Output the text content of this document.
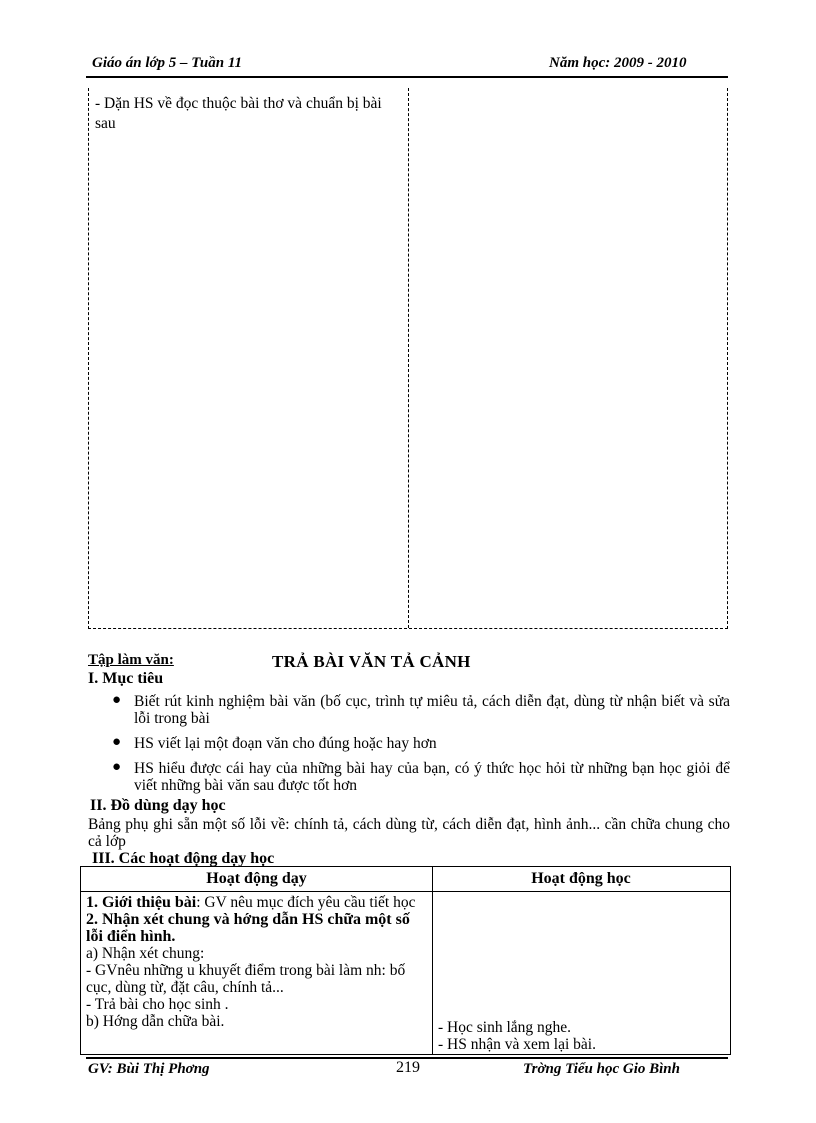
Giáo án lớp 5 – Tuần 11	Năm học: 2009 - 2010
- Dặn HS về đọc thuộc bài thơ và chuẩn bị bài sau
Tập làm văn:	TRẢ BÀI VĂN TẢ CẢNH
I. Mục tiêu
● Biết rút kinh nghiệm bài văn (bố cục, trình tự miêu tả, cách diễn đạt, dùng từ nhận biết và sửa lỗi trong bài
● HS viết lại một đoạn văn cho đúng hoặc hay hơn
● HS hiểu được cái hay của những bài hay của bạn, có ý thức học hỏi từ những bạn học giỏi để viết những bài văn sau được tốt hơn
II. Đồ dùng dạy học
Bảng phụ ghi sẵn một số lỗi về: chính tả, cách dùng từ, cách diễn đạt, hình ảnh... cần chữa chung cho cả lớp
III. Các hoạt động dạy học
Hoạt động dạy	Hoạt động học
1. Giới thiệu bài: GV nêu mục đích yêu cầu tiết học
2. Nhận xét chung và hớng dẫn HS chữa một số lỗi điển hình.
a) Nhận xét chung:
- GVnêu những u khuyết điểm trong bài làm nh: bố cục, dùng từ, đặt câu, chính tả...
- Trả bài cho học sinh .
b) Hớng dẫn chữa bài.	- Học sinh lắng nghe.
- HS nhận và xem lại bài.
GV: Bùi Thị Phơng	219	Trờng Tiểu học Gio Bình
